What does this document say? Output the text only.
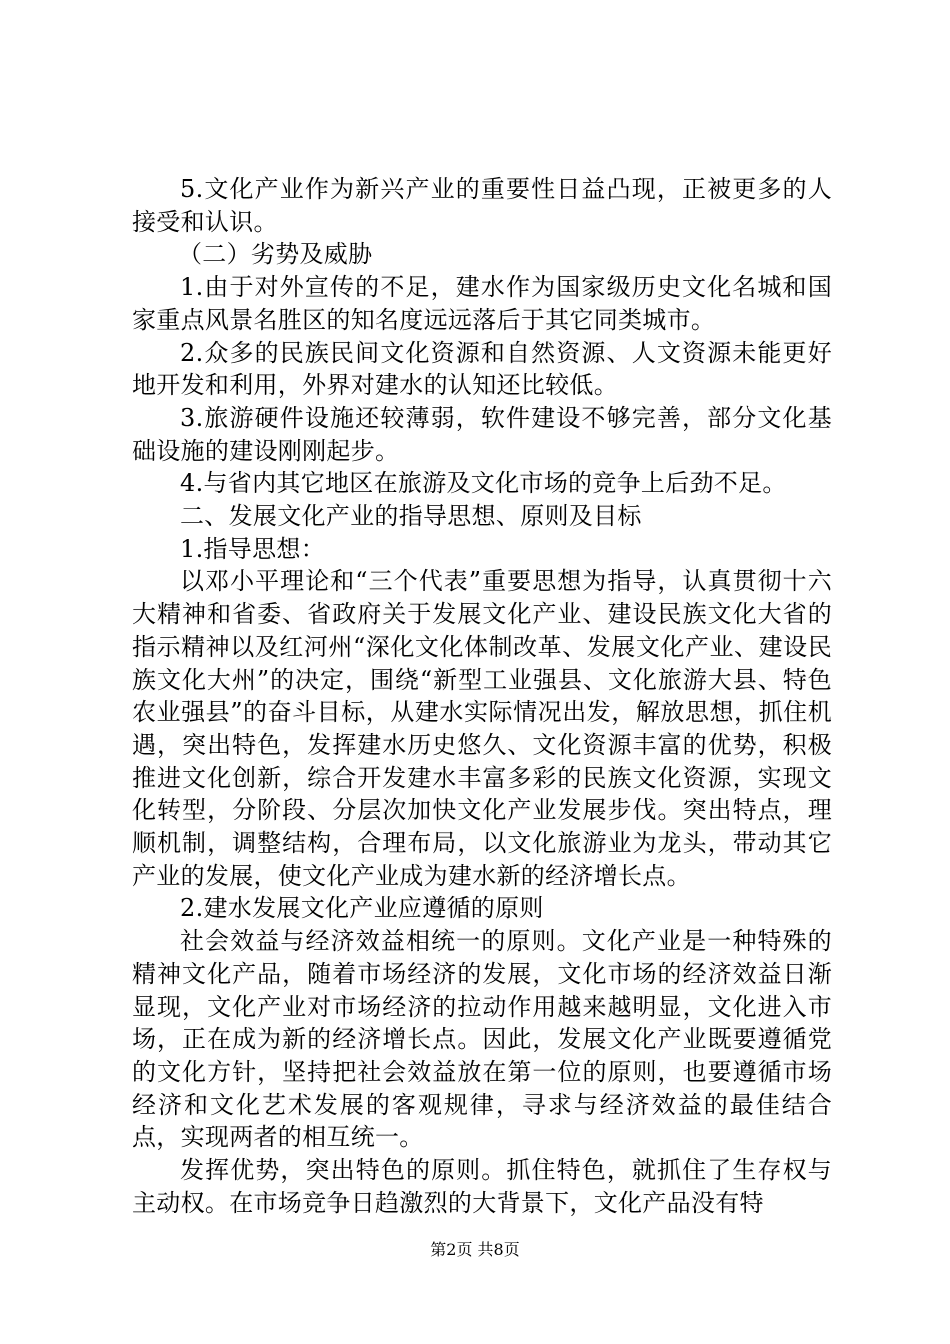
5.文化产业作为新兴产业的重要性日益凸现，正被更多的人接受和认识。

（二）劣势及威胁

1.由于对外宣传的不足，建水作为国家级历史文化名城和国家重点风景名胜区的知名度远远落后于其它同类城市。

2.众多的民族民间文化资源和自然资源、人文资源未能更好地开发和利用，外界对建水的认知还比较低。

3.旅游硬件设施还较薄弱，软件建设不够完善，部分文化基础设施的建设刚刚起步。

4.与省内其它地区在旅游及文化市场的竞争上后劲不足。

二、发展文化产业的指导思想、原则及目标

1.指导思想：

以邓小平理论和“三个代表”重要思想为指导，认真贯彻十六大精神和省委、省政府关于发展文化产业、建设民族文化大省的指示精神以及红河州“深化文化体制改革、发展文化产业、建设民族文化大州”的决定，围绕“新型工业强县、文化旅游大县、特色农业强县”的奋斗目标，从建水实际情况出发，解放思想，抓住机遇，突出特色，发挥建水历史悠久、文化资源丰富的优势，积极推进文化创新，综合开发建水丰富多彩的民族文化资源，实现文化转型，分阶段、分层次加快文化产业发展步伐。突出特点，理顺机制，调整结构，合理布局，以文化旅游业为龙头，带动其它产业的发展，使文化产业成为建水新的经济增长点。

2.建水发展文化产业应遵循的原则

社会效益与经济效益相统一的原则。文化产业是一种特殊的精神文化产品，随着市场经济的发展，文化市场的经济效益日渐显现，文化产业对市场经济的拉动作用越来越明显，文化进入市场，正在成为新的经济增长点。因此，发展文化产业既要遵循党的文化方针，坚持把社会效益放在第一位的原则，也要遵循市场经济和文化艺术发展的客观规律，寻求与经济效益的最佳结合点，实现两者的相互统一。

发挥优势，突出特色的原则。抓住特色，就抓住了生存权与主动权。在市场竞争日趋激烈的大背景下，文化产品没有特

第2页 共8页
